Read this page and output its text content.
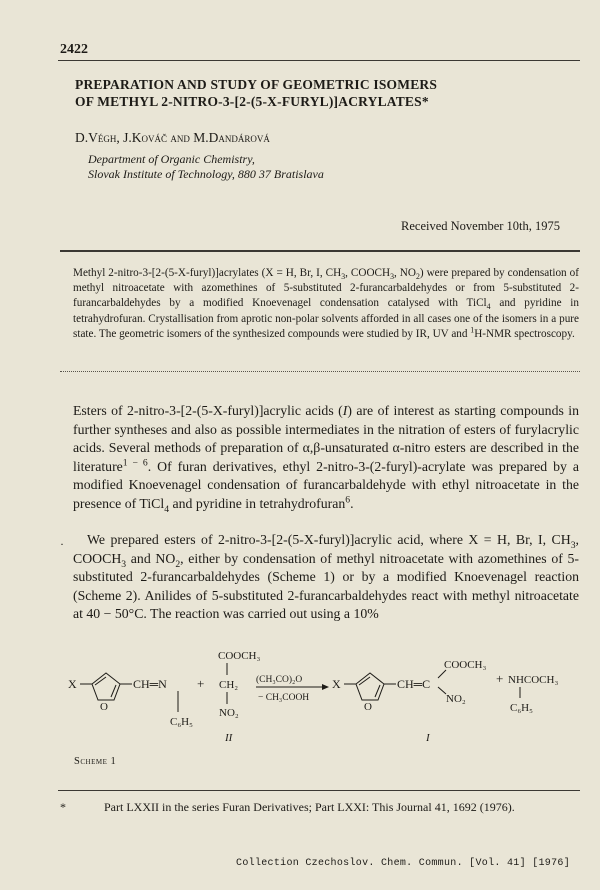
2422
PREPARATION AND STUDY OF GEOMETRIC ISOMERS
OF METHYL 2-NITRO-3-[2-(5-X-FURYL)]ACRYLATES*
D.Végh, J.Kováč and M.Dandárová
Department of Organic Chemistry,
Slovak Institute of Technology, 880 37 Bratislava
Received November 10th, 1975
Methyl 2-nitro-3-[2-(5-X-furyl)]acrylates (X = H, Br, I, $CH_3$, $COOCH_3$, $NO_2$) were prepared by condensation of methyl nitroacetate with azomethines of 5-substituted 2-furancarbaldehydes or from 5-substituted 2-furancarbaldehydes by a modified Knoevenagel condensation catalysed with TiCl$_4$ and pyridine in tetrahydrofuran. Crystallisation from aprotic non-polar solvents afforded in all cases one of the isomers in a pure state. The geometric isomers of the synthesized compounds were studied by IR, UV and $^1$H-NMR spectroscopy.
Esters of 2-nitro-3-[2-(5-X-furyl)]acrylic acids (I) are of interest as starting compounds in further syntheses and also as possible intermediates in the nitration of esters of furylacrylic acids. Several methods of preparation of α,β-unsaturated α-nitro esters are described in the literature$^{1 - 6}$. Of furan derivatives, ethyl 2-nitro-3-(2-furyl)-acrylate was prepared by a modified Knoevenagel condensation of furancarbaldehyde with ethyl nitroacetate in the presence of TiCl$_4$ and pyridine in tetrahydrofuran$^6$.
·	We prepared esters of 2-nitro-3-[2-(5-X-furyl)]acrylic acid, where X = H, Br, I, $CH_3$, $COOCH_3$ and $NO_2$, either by condensation of methyl nitroacetate with azomethines of 5-substituted 2-furancarbaldehydes (Scheme 1) or by a modified Knoevenagel reaction (Scheme 2). Anilides of 5-substituted 2-furancarbaldehydes react with methyl nitroacetate at 40 − 50°C. The reaction was carried out using a 10%
X
O
CH═N
C₆H₅
+
COOCH₃
CH₂
NO₂
II
(CH₃CO)₂O
− CH₃COOH
X
O
CH═C
COOCH₃
NO₂
I
+ NHCOCH₃
C₆H₅
Scheme 1
*	Part LXXII in the series Furan Derivatives; Part LXXI: This Journal 41, 1692 (1976).
Collection Czechoslov. Chem. Commun. [Vol. 41] [1976]
